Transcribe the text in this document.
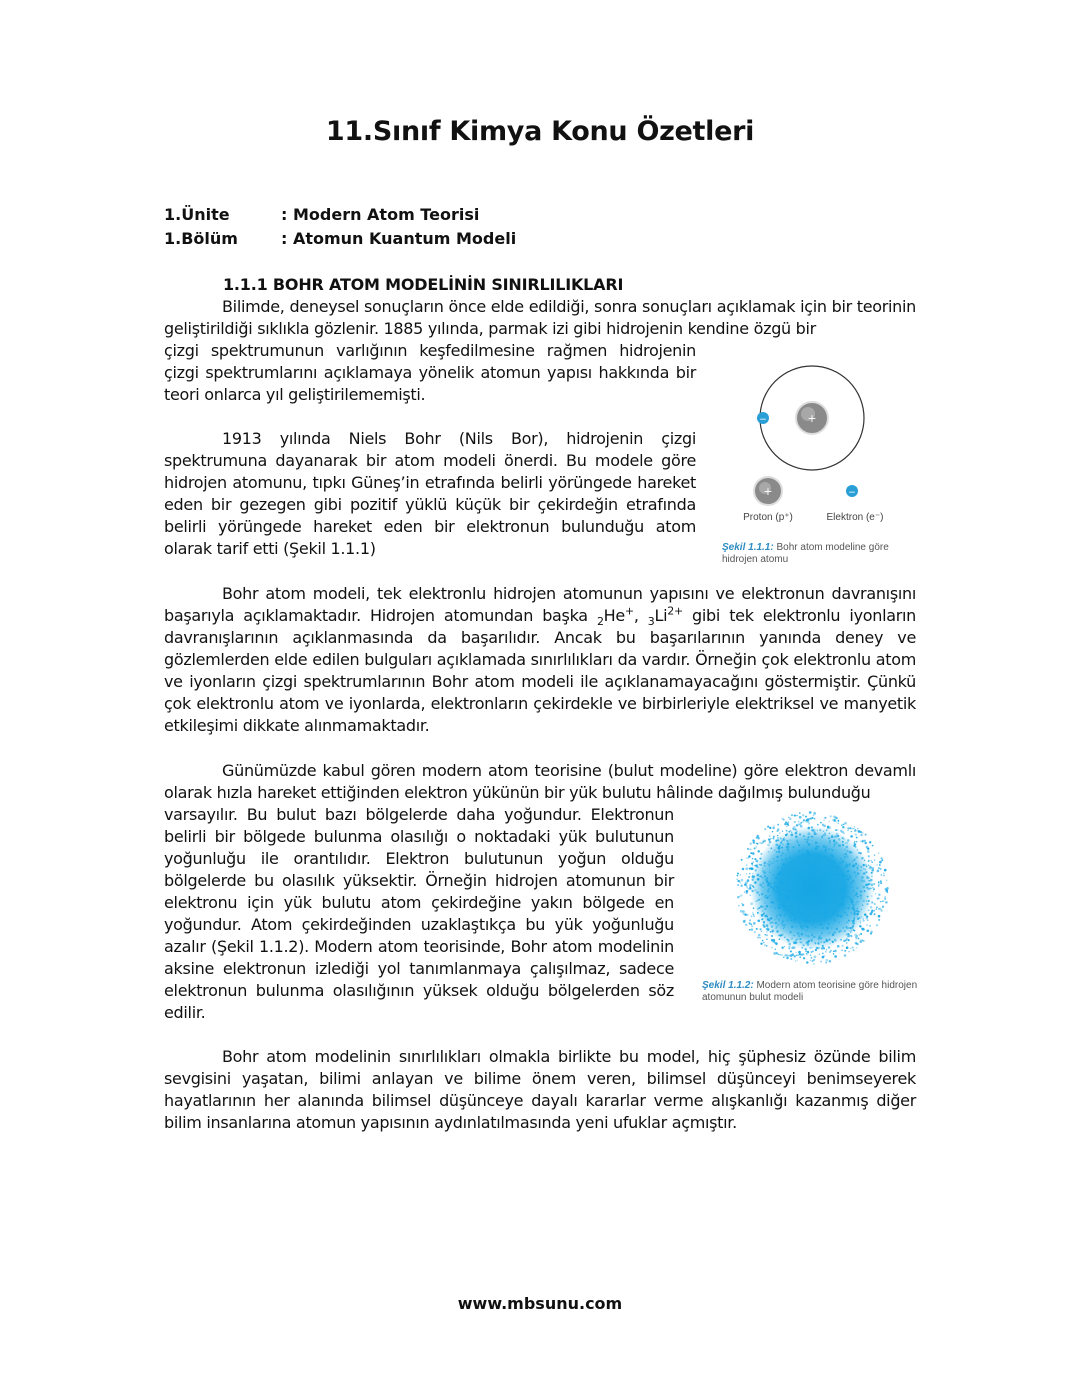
11.Sınıf Kimya Konu Özetleri
1.Ünite	: Modern Atom Teorisi
1.Bölüm	: Atomun Kuantum Modeli
1.1.1 BOHR ATOM MODELİNİN SINIRLILIKLARI

Bilimde, deneysel sonuçların önce elde edildiği, sonra sonuçları açıklamak için bir teorinin geliştirildiği sıklıkla gözlenir. 1885 yılında, parmak izi gibi hidrojenin kendine özgü bir

çizgi spektrumunun varlığının keşfedilmesine rağmen hidrojenin çizgi spektrumlarını açıklamaya yönelik atomun yapısı hakkında bir teori onlarca yıl geliştirilememişti.

1913 yılında Niels Bohr (Nils Bor), hidrojenin çizgi spektrumuna dayanarak bir atom modeli önerdi. Bu modele göre hidrojen atomunu, tıpkı Güneş’in etrafında belirli yörüngede hareket eden bir gezegen gibi pozitif yüklü küçük bir çekirdeğin etrafında belirli yörüngede hareket eden bir elektronun bulunduğu atom olarak tarif etti (Şekil 1.1.1)

Bohr atom modeli, tek elektronlu hidrojen atomunun yapısını ve elektronun davranışını başarıyla açıklamaktadır. Hidrojen atomundan başka $_2$He+, $_3Li^{2+}$ gibi tek elektronlu iyonların davranışlarının açıklanmasında da başarılıdır. Ancak bu başarılarının yanında deney ve gözlemlerden elde edilen bulguları açıklamada sınırlılıkları da vardır. Örneğin çok elektronlu atom ve iyonların çizgi spektrumlarının Bohr atom modeli ile açıklanamayacağını göstermiştir. Çünkü çok elektronlu atom ve iyonlarda, elektronların çekirdekle ve birbirleriyle elektriksel ve manyetik etkileşimi dikkate alınmamaktadır.

Günümüzde kabul gören modern atom teorisine (bulut modeline) göre elektron devamlı olarak hızla hareket ettiğinden elektron yükünün bir yük bulutu hâlinde dağılmış bulunduğu

varsayılır. Bu bulut bazı bölgelerde daha yoğundur. Elektronun belirli bir bölgede bulunma olasılığı o noktadaki yük bulutunun yoğunluğu ile orantılıdır. Elektron bulutunun yoğun olduğu bölgelerde bu olasılık yüksektir. Örneğin hidrojen atomunun bir elektronu için yük bulutu atom çekirdeğine yakın bölgede en yoğundur. Atom çekirdeğinden uzaklaştıkça bu yük yoğunluğu azalır (Şekil 1.1.2). Modern atom teorisinde, Bohr atom modelinin aksine elektronun izlediği yol tanımlanmaya çalışılmaz, sadece elektronun bulunma olasılığının yüksek olduğu bölgelerden söz edilir.

Bohr atom modelinin sınırlılıkları olmakla birlikte bu model, hiç şüphesiz özünde bilim sevgisini yaşatan, bilimi anlayan ve bilime önem veren, bilimsel düşünceyi benimseyerek hayatlarının her alanında bilimsel düşünceye dayalı kararlar verme alışkanlığı kazanmış diğer bilim insanlarına atomun yapısının aydınlatılmasında yeni ufuklar açmıştır.

+
−
+	−
Proton (p⁺)	Elektron (e⁻)
Şekil 1.1.1: Bohr atom modeline göre hidrojen atomu
Şekil 1.1.2: Modern atom teorisine göre hidrojen atomunun bulut modeli
www.mbsunu.com
